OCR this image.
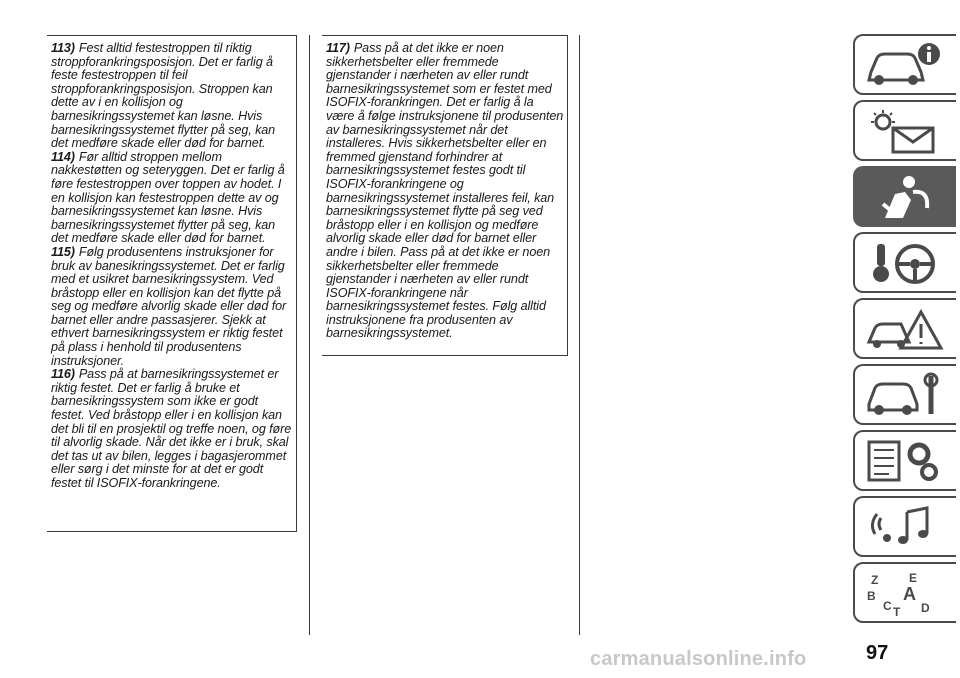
113) Fest alltid festestroppen til riktig stroppforankringsposisjon. Det er farlig å feste festestroppen til feil stroppforankringsposisjon. Stroppen kan dette av i en kollisjon og barnesikringssystemet kan løsne. Hvis barnesikringssystemet flytter på seg, kan det medføre skade eller død for barnet.

114) Før alltid stroppen mellom nakkestøtten og seteryggen. Det er farlig å føre festestroppen over toppen av hodet. I en kollisjon kan festestroppen dette av og barnesikringssystemet kan løsne. Hvis barnesikringssystemet flytter på seg, kan det medføre skade eller død for barnet.

115) Følg produsentens instruksjoner for bruk av banesikringssystemet. Det er farlig med et usikret barnesikringssystem. Ved bråstopp eller en kollisjon kan det flytte på seg og medføre alvorlig skade eller død for barnet eller andre passasjerer. Sjekk at ethvert barnesikringssystem er riktig festet på plass i henhold til produsentens instruksjoner.

116) Pass på at barnesikringssystemet er riktig festet. Det er farlig å bruke et barnesikringssystem som ikke er godt festet. Ved bråstopp eller i en kollisjon kan det bli til en prosjektil og treffe noen, og føre til alvorlig skade. Når det ikke er i bruk, skal det tas ut av bilen, legges i bagasjerommet eller sørg i det minste for at det er godt festet til ISOFIX-forankringene.

117) Pass på at det ikke er noen sikkerhetsbelter eller fremmede gjenstander i nærheten av eller rundt barnesikringssystemet som er festet med ISOFIX-forankringen. Det er farlig å la være å følge instruksjonene til produsenten av barnesikringssystemet når det installeres. Hvis sikkerhetsbelter eller en fremmed gjenstand forhindrer at barnesikringssystemet festes godt til ISOFIX-forankringene og barnesikringssystemet installeres feil, kan barnesikringssystemet flytte på seg ved bråstopp eller i en kollisjon og medføre alvorlig skade eller død for barnet eller andre i bilen. Pass på at det ikke er noen sikkerhetsbelter eller fremmede gjenstander i nærheten av eller rundt ISOFIX-forankringene når barnesikringssystemet festes. Følg alltid instruksjonene fra produsenten av barnesikringssystemet.

Z	E
B A
C D
T
carmanualsonline.info	97
